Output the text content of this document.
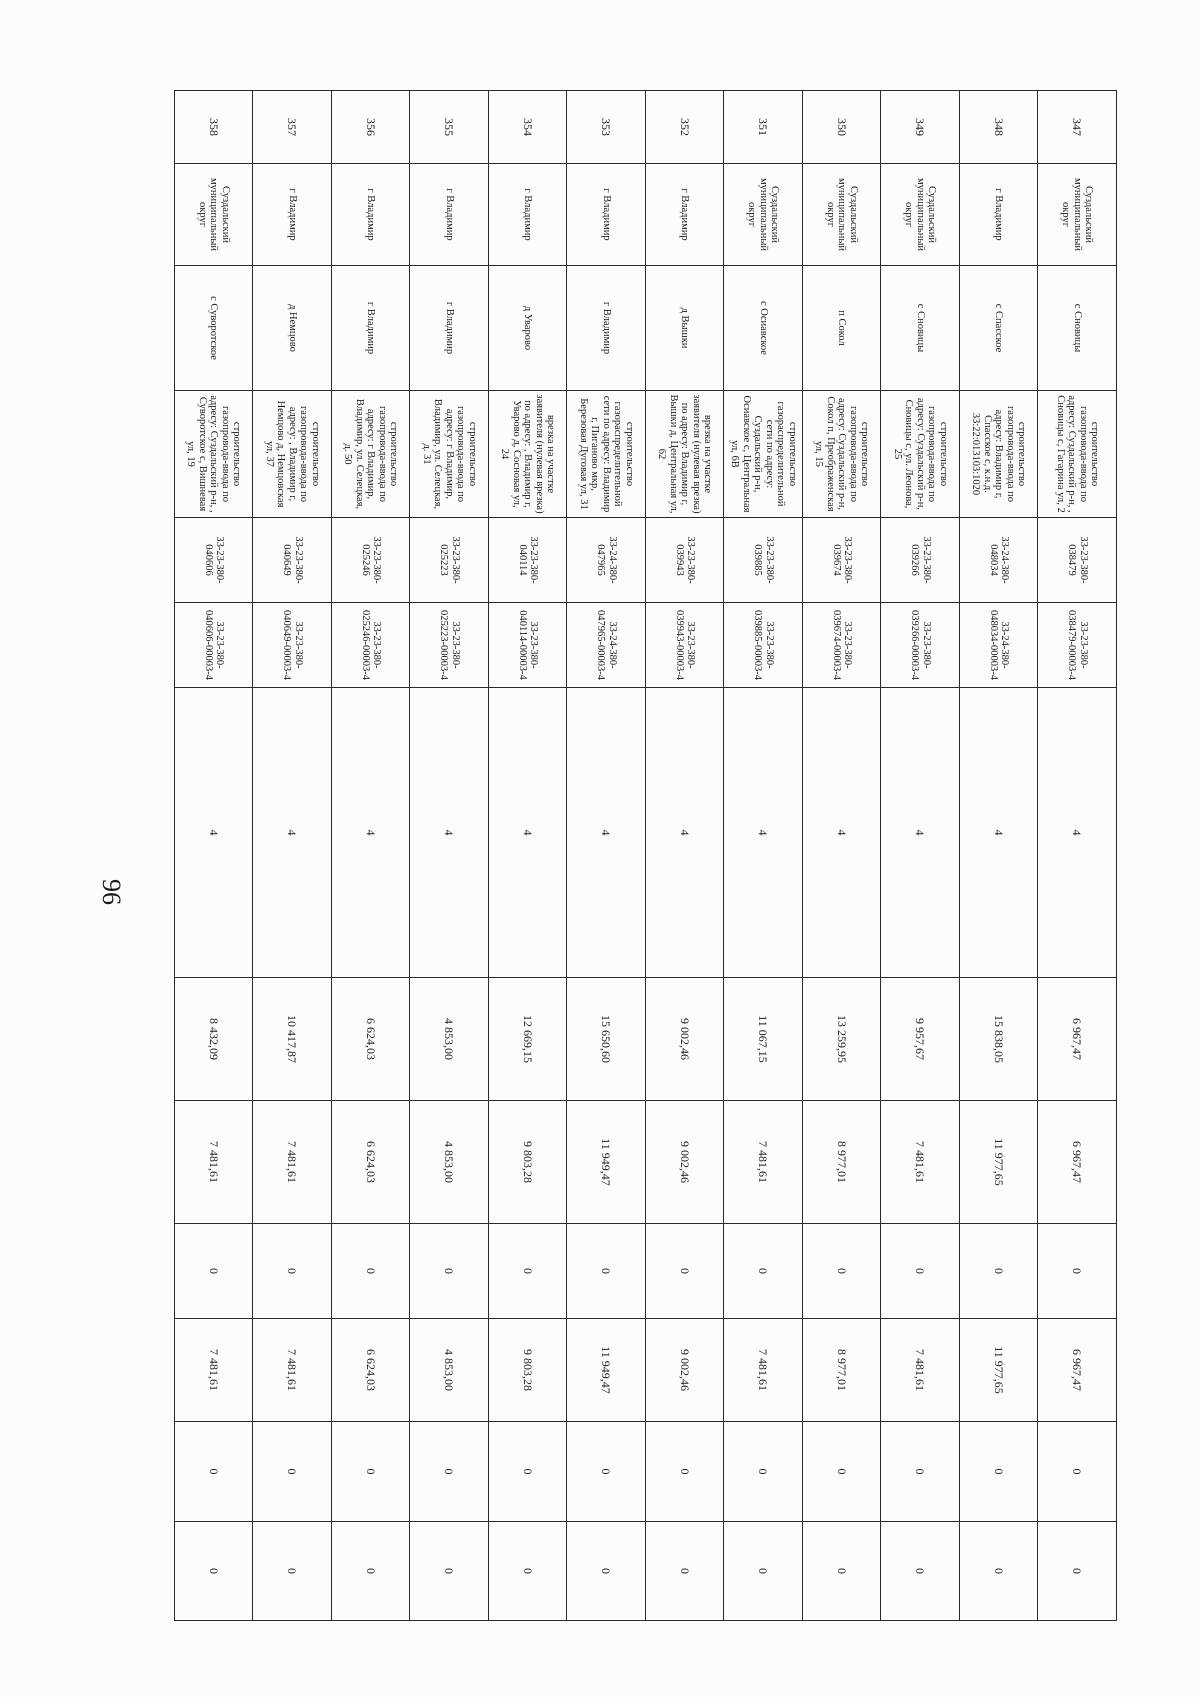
96
347	Суздальский муниципальный округ	с Сновицы	строительство газопровода-ввода по адресу: Суздальский р-н, , Сновицы с, Гагарина ул, 2	33-23-380-038479	33-23-380-038479-00003-4	4	6 967,47	6 967,47	0	6 967,47	0	0
348	г Владимир	с Спасское	строительство газопровода-ввода по адресу: Владимир г, Спасское с, к.н.д. 33:22:013103:1020	33-24-380-048034	33-24-380-048034-00003-4	4	15 838,05	11 977,65	0	11 977,65	0	0
349	Суздальский муниципальный округ	с Сновицы	строительство газопровода-ввода по адресу: Суздальский р-н, Сновицы с, ул. Леонова, 25	33-23-380-039266	33-23-380-039266-00003-4	4	9 957,67	7 481,61	0	7 481,61	0	0
350	Суздальский муниципальный округ	п Сокол	строительство газопровода-ввода по адресу: Суздальский р-н, Сокол п, Преображенская ул, 15	33-23-380-039674	33-23-380-039674-00003-4	4	13 259,95	8 977,01	0	8 977,01	0	0
351	Суздальский муниципальный округ	с Осиавское	строительство газораспределительной сети по адресу: Суздальский р-н, Осиавское с, Центральная ул, 6В	33-23-380-039885	33-23-380-039885-00003-4	4	11 067,15	7 481,61	0	7 481,61	0	0
352	г Владимир	д Вышки	врезка на участке заявителя (нулевая врезка) по адресу: Владимир г, Вышки д, Центральная ул, 62	33-23-380-039943	33-23-380-039943-00003-4	4	9 002,46	9 002,46	0	9 002,46	0	0
353	г Владимир	г Владимир	строительство газораспределительной сети по адресу: Владимир г, Пиганово мкр, Березовая Дуговая ул, 31	33-24-380-047965	33-24-380-047965-00003-4	4	15 650,60	11 949,47	0	11 949,47	0	0
354	г Владимир	д Уварово	врезка на участке заявителя (нулевая врезка) по адресу: , Владимир г, Уварово д, Сосновая ул, 24	33-23-380-040114	33-23-380-040114-00003-4	4	12 669,15	9 803,28	0	9 803,28	0	0
355	г Владимир	г Владимир	строительство газопровода-ввода по адресу: г Владимир, Владимир, ул. Селецкая, д. 31	33-23-380-025223	33-23-380-025223-00003-4	4	4 853,00	4 853,00	0	4 853,00	0	0
356	г Владимир	г Владимир	строительство газопровода-ввода по адресу: г Владимир, Владимир, ул. Селецкая, д. 50	33-23-380-025246	33-23-380-025246-00003-4	4	6 624,03	6 624,03	0	6 624,03	0	0
357	г Владимир	д Немцово	строительство газопровода-ввода по адресу: , Владимир г, Немцово д, Немцовская ул, 37	33-23-380-040649	33-23-380-040649-00003-4	4	10 417,87	7 481,61	0	7 481,61	0	0
358	Суздальский муниципальный округ	с Суворотское	строительство газопровода-ввода по адресу: Суздальский р-н, , Суворотское с, Вишневая ул, 19	33-23-380-040606	33-23-380-040606-00003-4	4	8 432,09	7 481,61	0	7 481,61	0	0
